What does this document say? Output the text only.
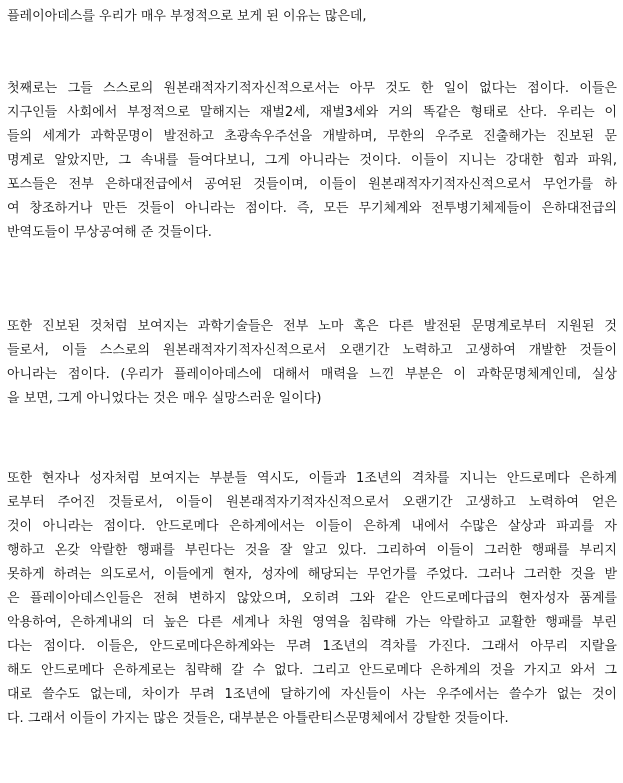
플레이아데스를 우리가 매우 부정적으로 보게 된 이유는 많은데,
첫째로는 그들 스스로의 원본래적자기적자신적으로서는 아무 것도 한 일이 없다는 점이다. 이들은
지구인들 사회에서 부정적으로 말해지는 재벌2세, 재벌3세와 거의 똑같은 형태로 산다. 우리는 이
들의 세계가 과학문명이 발전하고 초광속우주선을 개발하며, 무한의 우주로 진출해가는 진보된 문
명계로 알았지만, 그 속내를 들여다보니, 그게 아니라는 것이다. 이들이 지니는 강대한 힘과 파워,
포스들은 전부 은하대전급에서 공여된 것들이며, 이들이 원본래적자기적자신적으로서 무언가를 하
여 창조하거나 만든 것들이 아니라는 점이다. 즉, 모든 무기체계와 전투병기체제들이 은하대전급의
반역도들이 무상공여해 준 것들이다.
또한 진보된 것처럼 보여지는 과학기술들은 전부 노마 혹은 다른 발전된 문명계로부터 지원된 것
들로서, 이들 스스로의 원본래적자기적자신적으로서 오랜기간 노력하고 고생하여 개발한 것들이
아니라는 점이다. (우리가 플레이아데스에 대해서 매력을 느낀 부분은 이 과학문명체계인데, 실상
을 보면, 그게 아니었다는 것은 매우 실망스러운 일이다)
또한 현자나 성자처럼 보여지는 부분들 역시도, 이들과 1조년의 격차를 지니는 안드로메다 은하계
로부터 주어진 것들로서, 이들이 원본래적자기적자신적으로서 오랜기간 고생하고 노력하여 얻은
것이 아니라는 점이다. 안드로메다 은하계에서는 이들이 은하계 내에서 수많은 살상과 파괴를 자
행하고 온갖 악랄한 행패를 부린다는 것을 잘 알고 있다. 그리하여 이들이 그러한 행패를 부리지
못하게 하려는 의도로서, 이들에게 현자, 성자에 해당되는 무언가를 주었다. 그러나 그러한 것을 받
은 플레이아데스인들은 전혀 변하지 않았으며, 오히려 그와 같은 안드로메다급의 현자성자 품계를
악용하여, 은하계내의 더 높은 다른 세계나 차원 영역을 침략해 가는 악랄하고 교활한 행패를 부린
다는 점이다. 이들은, 안드로메다은하계와는 무려 1조년의 격차를 가진다. 그래서 아무리 지랄을
해도 안드로메다 은하계로는 침략해 갈 수 없다. 그리고 안드로메다 은하계의 것을 가지고 와서 그
대로 쓸수도 없는데, 차이가 무려 1조년에 달하기에 자신들이 사는 우주에서는 쓸수가 없는 것이
다. 그래서 이들이 가지는 많은 것들은, 대부분은 아틀란티스문명체에서 강탈한 것들이다.
